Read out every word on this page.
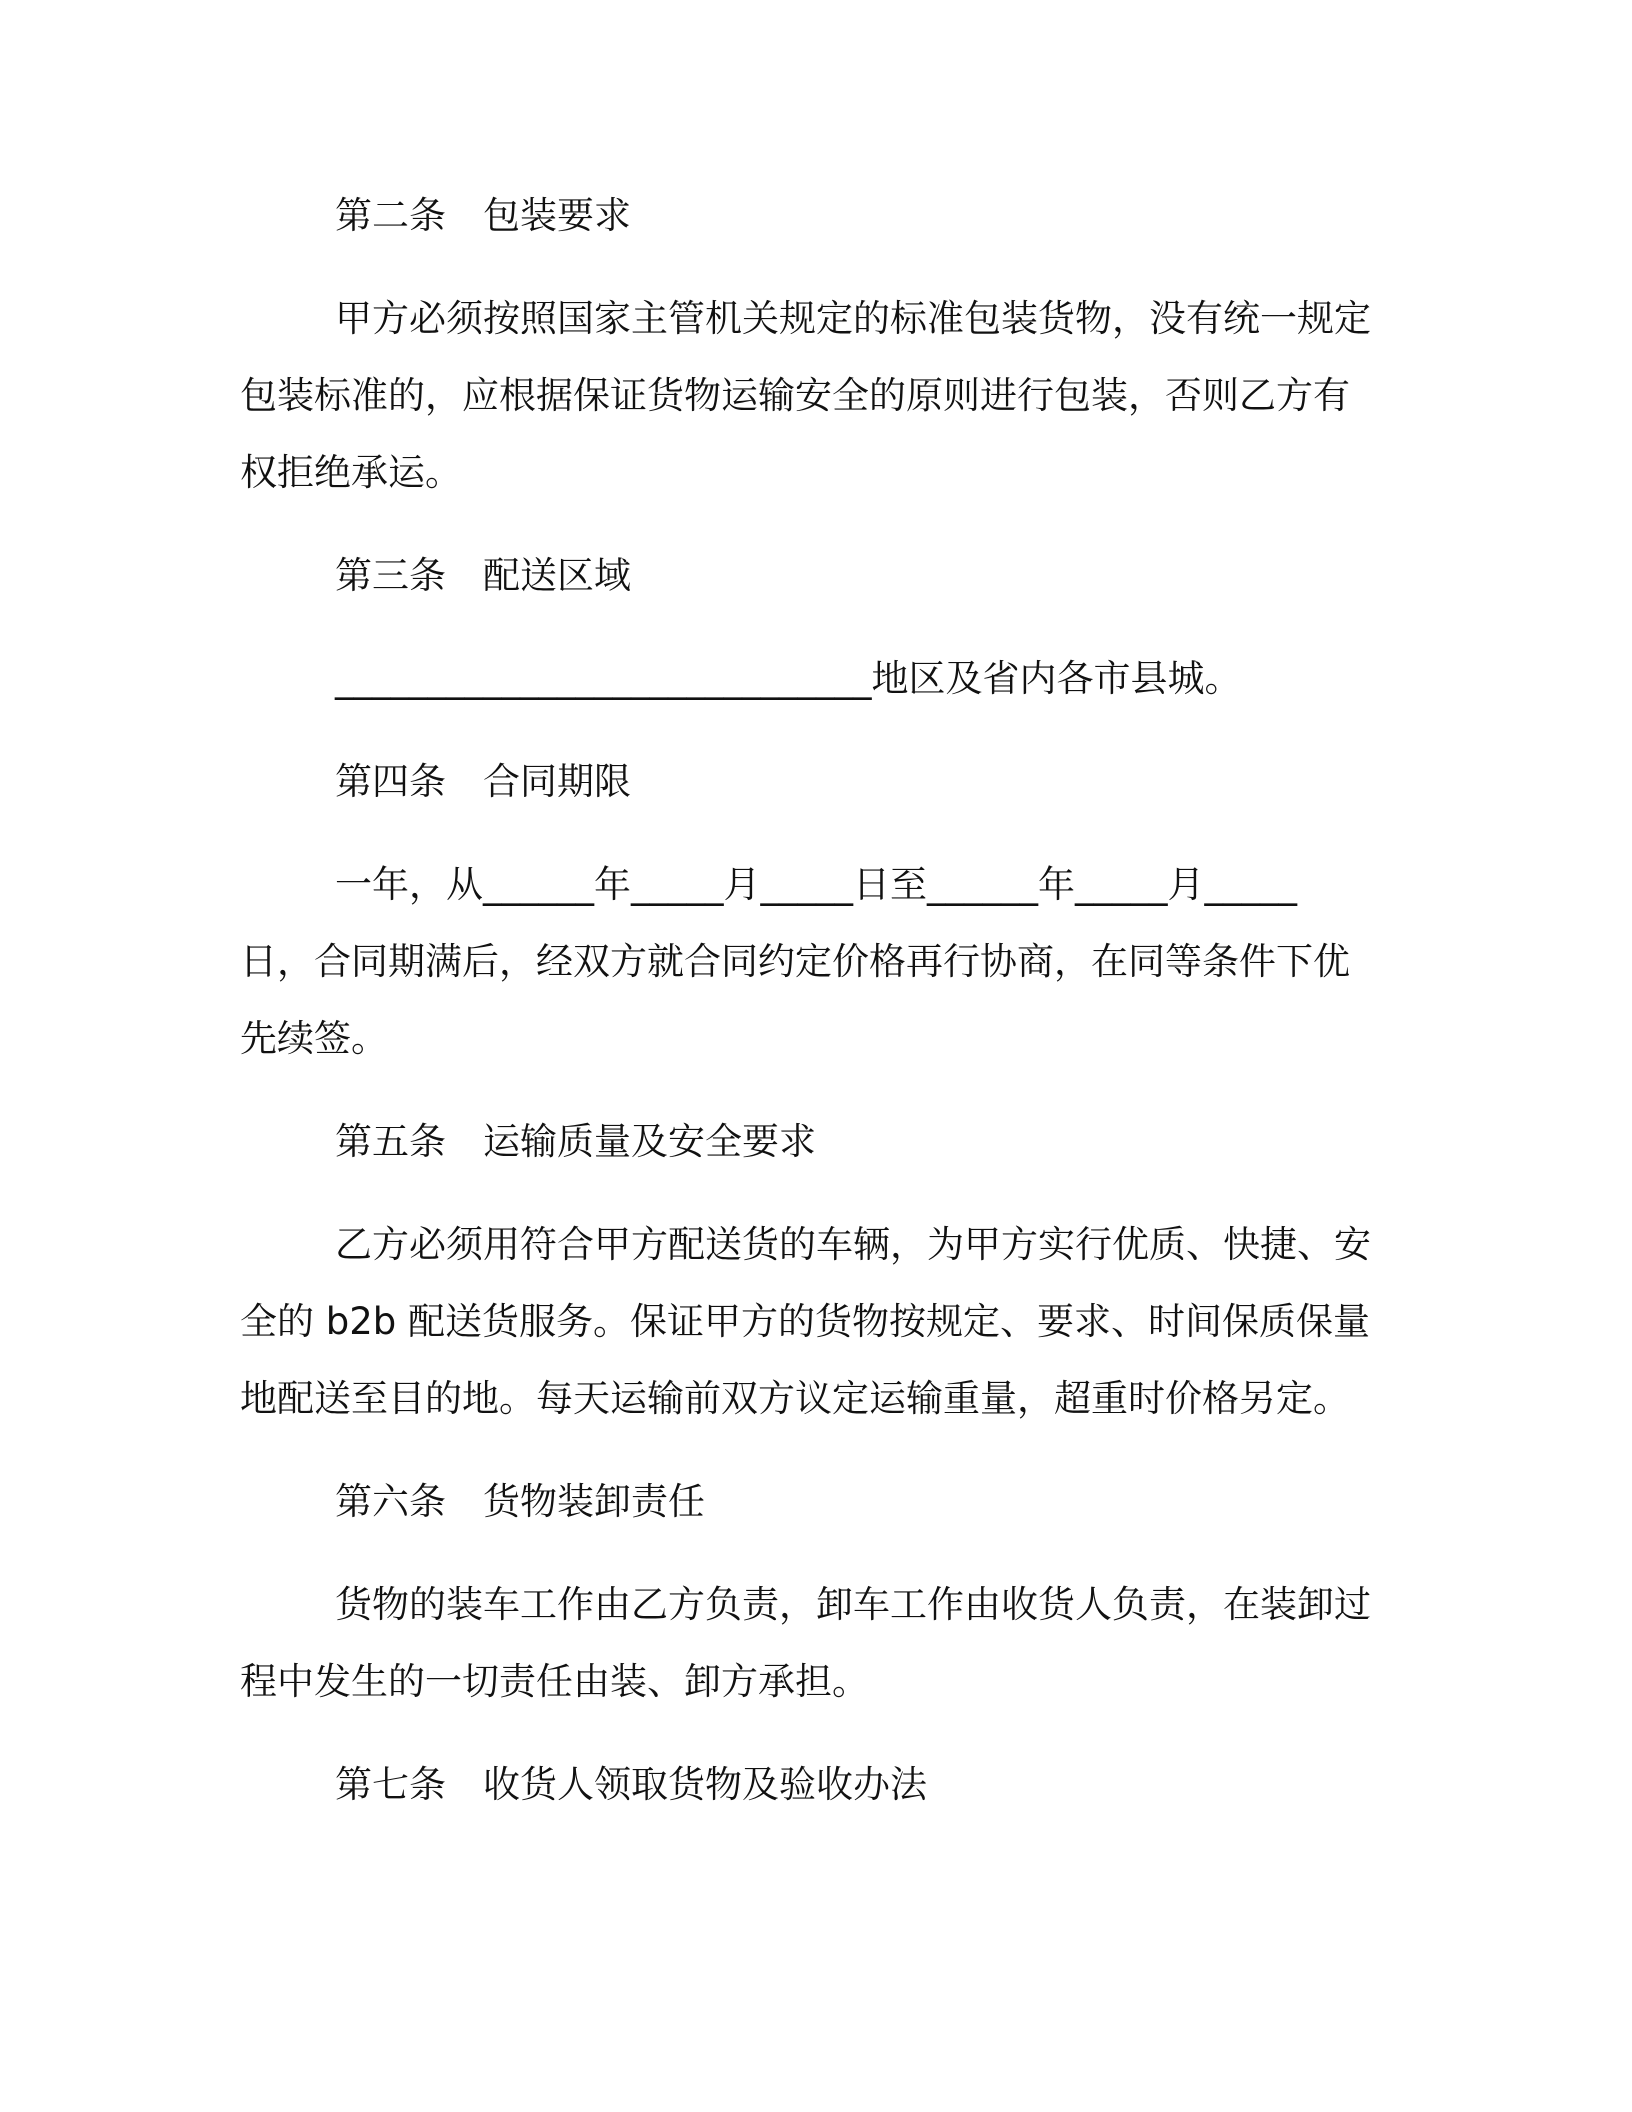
第二条 包装要求

甲方必须按照国家主管机关规定的标准包装货物，没有统一规定

包装标准的，应根据保证货物运输安全的原则进行包装，否则乙方有

权拒绝承运。

第三条 配送区域

_____________________________地区及省内各市县城。

第四条 合同期限

一年，从______年_____月_____日至______年_____月_____

日，合同期满后，经双方就合同约定价格再行协商，在同等条件下优

先续签。

第五条 运输质量及安全要求

乙方必须用符合甲方配送货的车辆，为甲方实行优质、快捷、安

全的 b2b 配送货服务。保证甲方的货物按规定、要求、时间保质保量

地配送至目的地。每天运输前双方议定运输重量，超重时价格另定。

第六条 货物装卸责任

货物的装车工作由乙方负责，卸车工作由收货人负责，在装卸过

程中发生的一切责任由装、卸方承担。

第七条 收货人领取货物及验收办法
